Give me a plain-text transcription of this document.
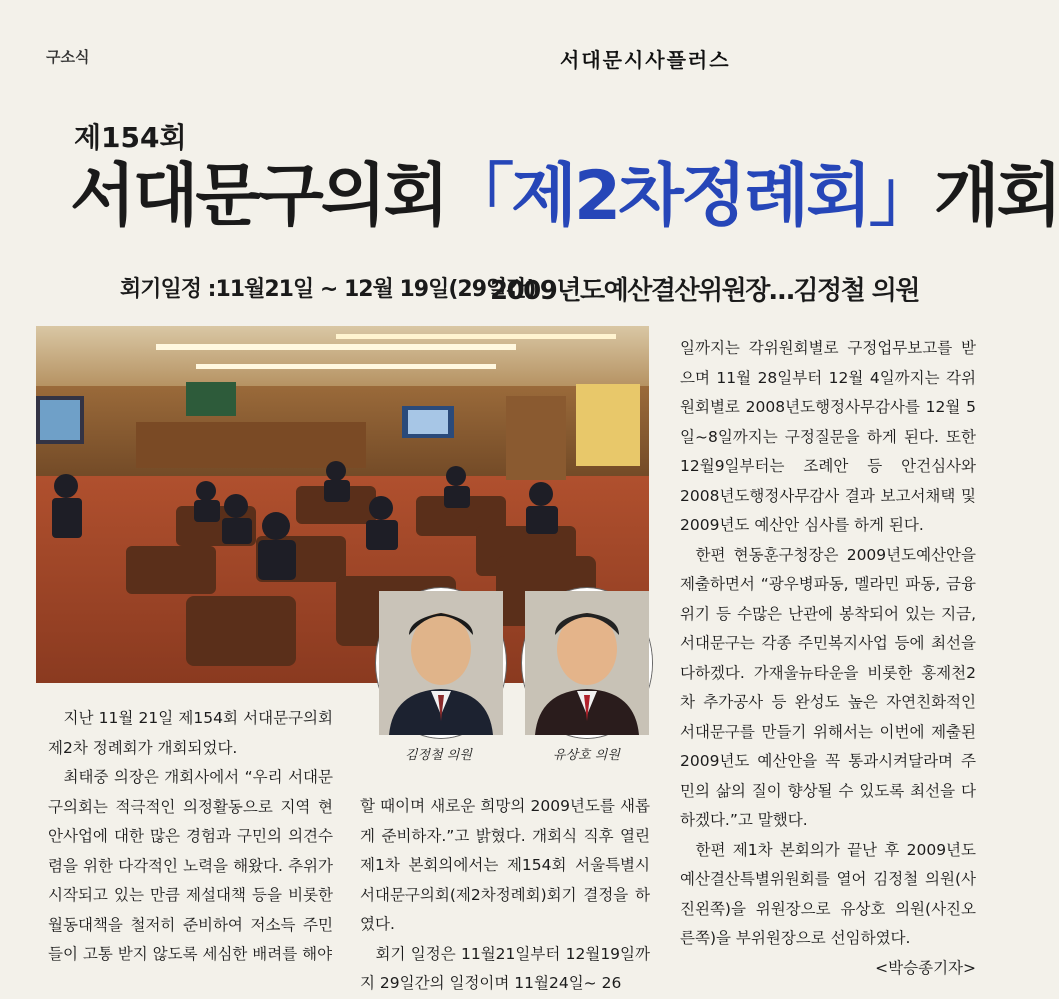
구소식	서대문시사플러스
제154회
서대문구의회「제2차정례회」개회
회기일정 :11월21일 ~ 12월 19일(29일간)
2009년도예산결산위원장…김정철 의원
김정철 의원	유상호 의원

지난 11월 21일 제154회 서대문구의회 제2차 정례회가 개회되었다.

최태중 의장은 개회사에서 “우리 서대문구의회는 적극적인 의정활동으로 지역 현안사업에 대한 많은 경험과 구민의 의견수렴을 위한 다각적인 노력을 해왔다. 추위가 시작되고 있는 만큼 제설대책 등을 비롯한 월동대책을 철저히 준비하여 저소득 주민들이 고통 받지 않도록 세심한 배려를 해야

할 때이며 새로운 희망의 2009년도를 새롭게 준비하자.”고 밝혔다. 개회식 직후 열린 제1차 본회의에서는 제154회 서울특별시서대문구의회(제2차정례회)회기 결정을 하였다.

회기 일정은 11월21일부터 12월19일까지 29일간의 일정이며 11월24일~ 26

일까지는 각위원회별로 구정업무보고를 받으며 11월 28일부터 12월 4일까지는 각위원회별로 2008년도행정사무감사를 12월 5일~8일까지는 구정질문을 하게 된다. 또한 12월9일부터는 조례안 등 안건심사와 2008년도행정사무감사 결과 보고서채택 및 2009년도 예산안 심사를 하게 된다.

한편 현동훈구청장은 2009년도예산안을 제출하면서 “광우병파동, 멜라민 파동, 금융위기 등 수많은 난관에 봉착되어 있는 지금, 서대문구는 각종 주민복지사업 등에 최선을 다하겠다. 가재울뉴타운을 비롯한 홍제천2차 추가공사 등 완성도 높은 자연친화적인 서대문구를 만들기 위해서는 이번에 제출된 2009년도 예산안을 꼭 통과시켜달라며 주민의 삶의 질이 향상될 수 있도록 최선을 다하겠다.”고 말했다.

한편 제1차 본회의가 끝난 후 2009년도 예산결산특별위원회를 열어 김정철 의원(사진왼쪽)을 위원장으로 유상호 의원(사진오른쪽)을 부위원장으로 선임하였다.

<박승종기자>
